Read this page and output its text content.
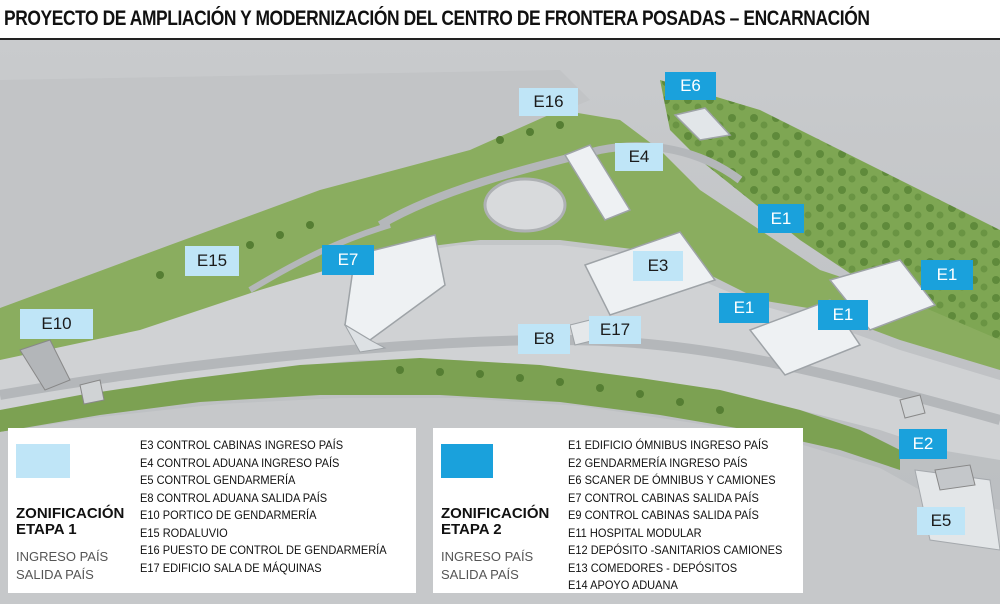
PROYECTO DE AMPLIACIÓN Y MODERNIZACIÓN DEL CENTRO DE FRONTERA POSADAS – ENCARNACIÓN
E16
E6
E4
E1
E15	E7	E3	E1
E1	E1
E10	E17
E8
E2
E5
ZONIFICACIÓN
ETAPA 1
INGRESO PAÍS
SALIDA PAÍS
E3 CONTROL CABINAS INGRESO PAÍS
E4 CONTROL ADUANA INGRESO PAÍS
E5 CONTROL GENDARMERÍA
E8 CONTROL ADUANA SALIDA PAÍS
E10 PORTICO DE GENDARMERÍA
E15 RODALUVIO
E16 PUESTO DE CONTROL DE GENDARMERÍA
E17 EDIFICIO SALA DE MÁQUINAS
ZONIFICACIÓN
ETAPA 2
INGRESO PAÍS
SALIDA PAÍS
E1 EDIFICIO ÓMNIBUS INGRESO PAÍS
E2 GENDARMERÍA INGRESO PAÍS
E6 SCANER DE ÓMNIBUS Y CAMIONES
E7 CONTROL CABINAS SALIDA PAÍS
E9 CONTROL CABINAS SALIDA PAÍS
E11 HOSPITAL MODULAR
E12 DEPÓSITO -SANITARIOS CAMIONES
E13 COMEDORES - DEPÓSITOS
E14 APOYO ADUANA
